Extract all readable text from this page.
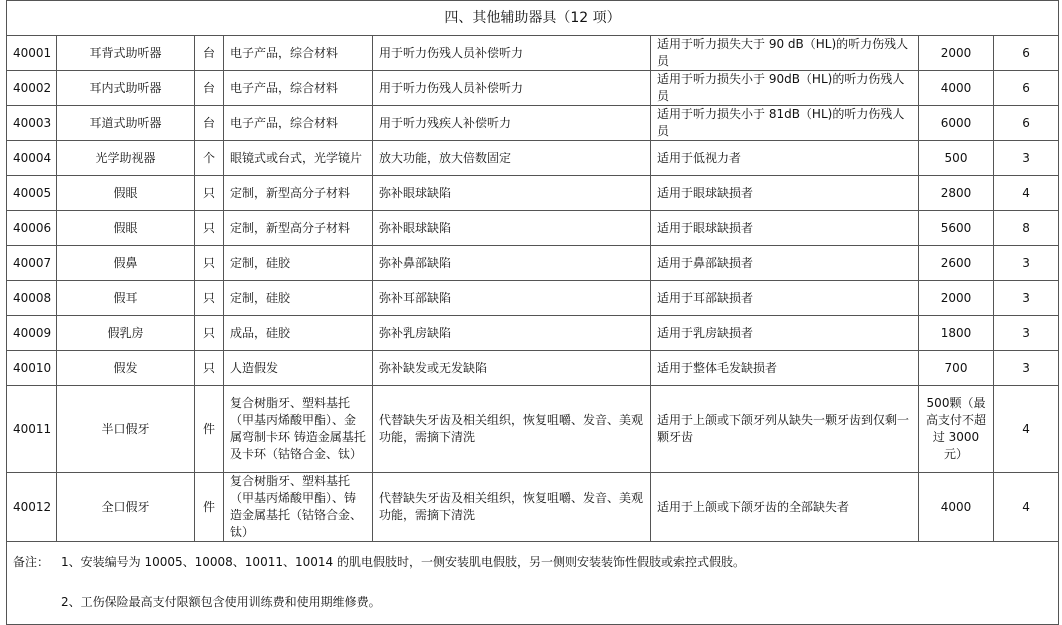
四、其他辅助器具（12 项）							
40001	耳背式助听器	台	电子产品，综合材料	用于听力伤残人员补偿听力	适用于听力损失大于 90 dB（HL)的听力伤残人员	2000	6
40002	耳内式助听器	台	电子产品，综合材料	用于听力伤残人员补偿听力	适用于听力损失小于 90dB（HL)的听力伤残人员	4000	6
40003	耳道式助听器	台	电子产品，综合材料	用于听力残疾人补偿听力	适用于听力损失小于 81dB（HL)的听力伤残人员	6000	6
40004	光学助视器	个	眼镜式或台式，光学镜片	放大功能，放大倍数固定	适用于低视力者	500	3
40005	假眼	只	定制，新型高分子材料	弥补眼球缺陷	适用于眼球缺损者	2800	4
40006	假眼	只	定制，新型高分子材料	弥补眼球缺陷	适用于眼球缺损者	5600	8
40007	假鼻	只	定制，硅胶	弥补鼻部缺陷	适用于鼻部缺损者	2600	3
40008	假耳	只	定制，硅胶	弥补耳部缺陷	适用于耳部缺损者	2000	3
40009	假乳房	只	成品，硅胶	弥补乳房缺陷	适用于乳房缺损者	1800	3
40010	假发	只	人造假发	弥补缺发或无发缺陷	适用于整体毛发缺损者	700	3
40011	半口假牙	件	复合树脂牙、塑料基托（甲基丙烯酸甲酯）、金属弯制卡环 铸造金属基托及卡环（钴铬合金、钛）	代替缺失牙齿及相关组织，恢复咀嚼、发音、美观功能，需摘下清洗	适用于上颌或下颌牙列从缺失一颗牙齿到仅剩一颗牙齿	500颗（最高支付不超过 3000元）	4
40012	全口假牙	件	复合树脂牙、塑料基托（甲基丙烯酸甲酯）、铸造金属基托（钴铬合金、钛）	代替缺失牙齿及相关组织，恢复咀嚼、发音、美观功能，需摘下清洗	适用于上颌或下颌牙齿的全部缺失者	4000	4

备注： 1、安装编号为 10005、10008、10011、10014 的肌电假肢时，一侧安装肌电假肢，另一侧则安装装饰性假肢或索控式假肢。
2、工伤保险最高支付限额包含使用训练费和使用期维修费。							
